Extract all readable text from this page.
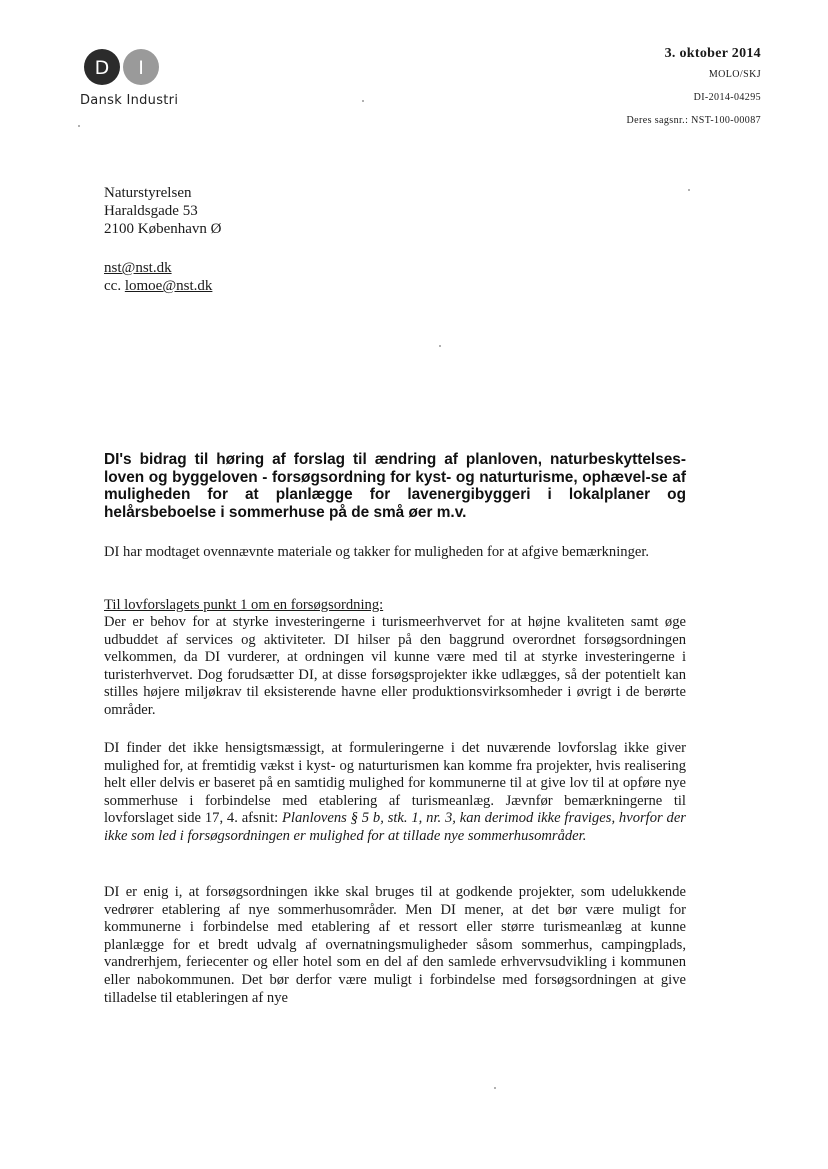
D I
Dansk Industri
3. oktober 2014
MOLO/SKJ
DI-2014-04295
Deres sagsnr.: NST-100-00087
Naturstyrelsen
Haraldsgade 53
2100 København Ø
nst@nst.dk
cc. lomoe@nst.dk
DI's bidrag til høring af forslag til ændring af planloven, naturbeskyttelses-loven og byggeloven - forsøgsordning for kyst- og naturturisme, ophævel-se af muligheden for at planlægge for lavenergibyggeri i lokalplaner og helårsbeboelse i sommerhuse på de små øer m.v.

DI har modtaget ovennævnte materiale og takker for muligheden for at afgive bemærkninger.

Til lovforslagets punkt 1 om en forsøgsordning:

Der er behov for at styrke investeringerne i turismeerhvervet for at højne kvaliteten samt øge udbuddet af services og aktiviteter. DI hilser på den baggrund overordnet forsøgsordningen velkommen, da DI vurderer, at ordningen vil kunne være med til at styrke investeringerne i turisterhvervet. Dog forudsætter DI, at disse forsøgsprojekter ikke udlægges, så der potentielt kan stilles højere miljøkrav til eksisterende havne eller produktionsvirksomheder i øvrigt i de berørte områder.

DI finder det ikke hensigtsmæssigt, at formuleringerne i det nuværende lovforslag ikke giver mulighed for, at fremtidig vækst i kyst- og naturturismen kan komme fra projekter, hvis realisering helt eller delvis er baseret på en samtidig mulighed for kommunerne til at give lov til at opføre nye sommerhuse i forbindelse med etablering af turismeanlæg. Jævnfør bemærkningerne til lovforslaget side 17, 4. afsnit: Planlovens § 5 b, stk. 1, nr. 3, kan derimod ikke fraviges, hvorfor der ikke som led i forsøgsordningen er mulighed for at tillade nye sommerhusområder.

DI er enig i, at forsøgsordningen ikke skal bruges til at godkende projekter, som udelukkende vedrører etablering af nye sommerhusområder. Men DI mener, at det bør være muligt for kommunerne i forbindelse med etablering af et ressort eller større turismeanlæg at kunne planlægge for et bredt udvalg af overnatningsmuligheder såsom sommerhus, campingplads, vandrerhjem, feriecenter og eller hotel som en del af den samlede erhvervsudvikling i kommunen eller nabokommunen. Det bør derfor være muligt i forbindelse med forsøgsordningen at give tilladelse til etableringen af nye
